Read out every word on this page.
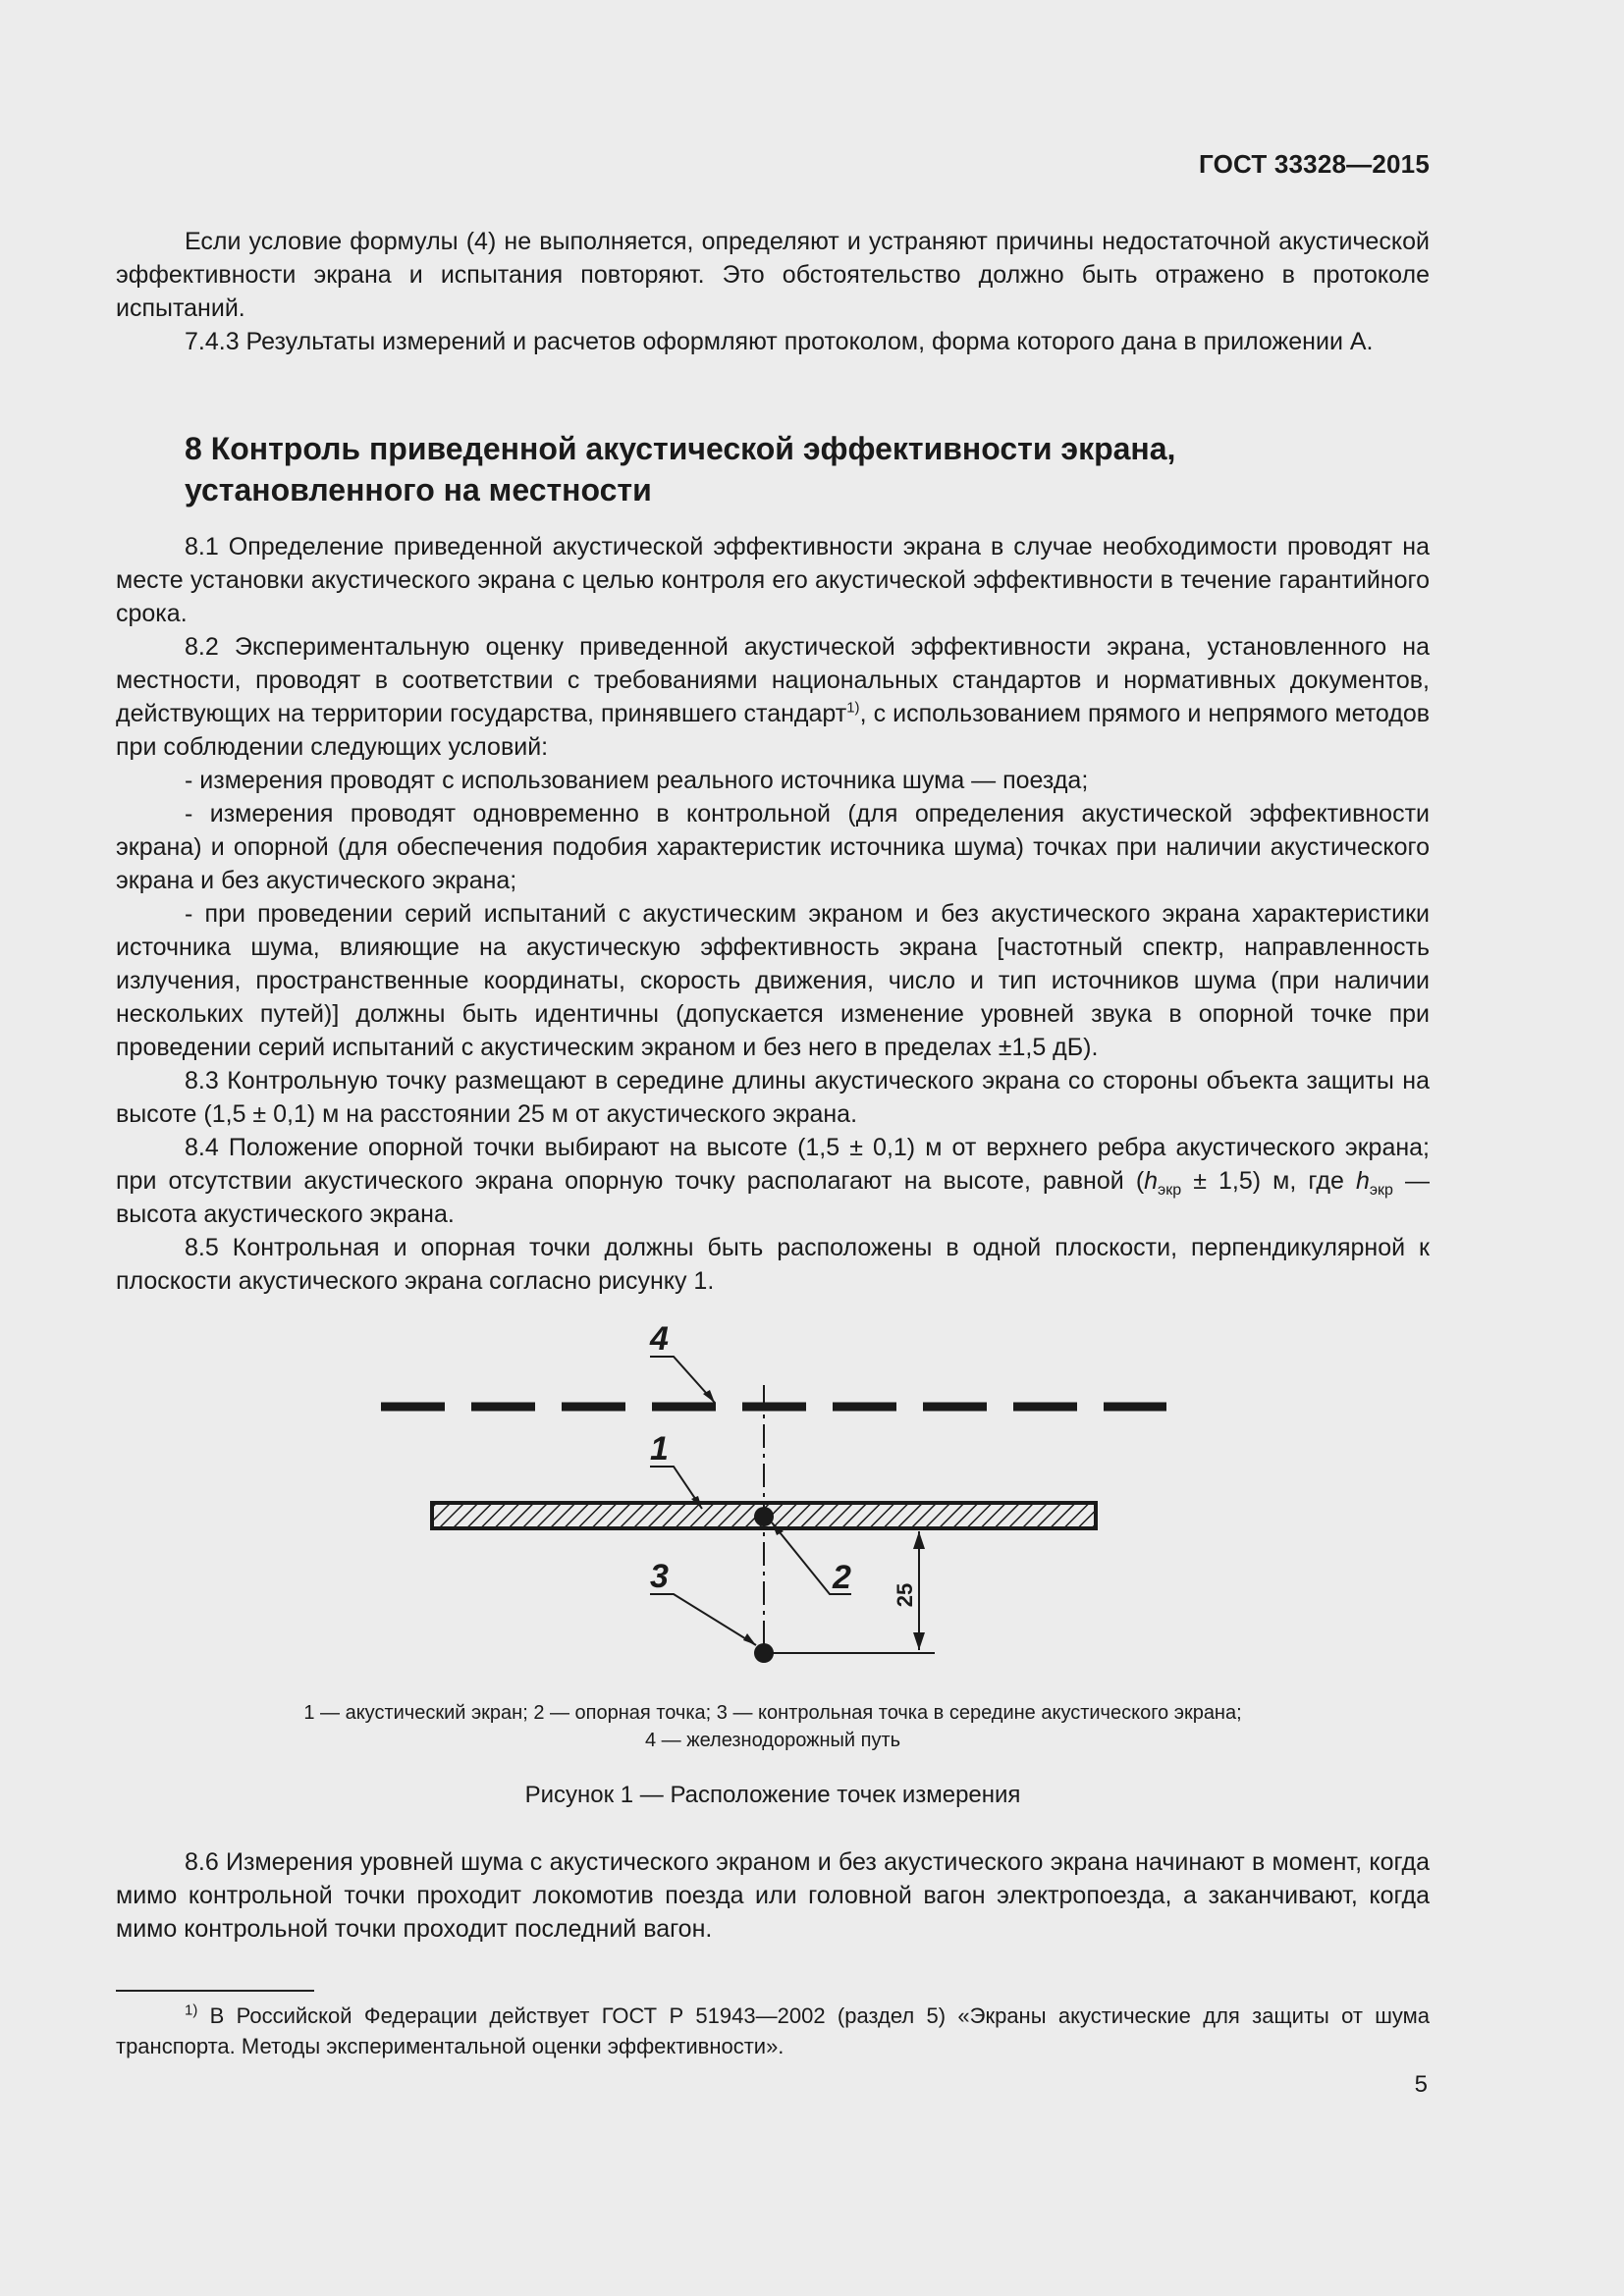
ГОСТ 33328—2015

Если условие формулы (4) не выполняется, определяют и устраняют причины недостаточной акустической эффективности экрана и испытания повторяют. Это обстоятельство должно быть отражено в протоколе испытаний.

7.4.3 Результаты измерений и расчетов оформляют протоколом, форма которого дана в приложении А.

8 Контроль приведенной акустической эффективности экрана, установленного на местности

8.1 Определение приведенной акустической эффективности экрана в случае необходимости проводят на месте установки акустического экрана с целью контроля его акустической эффективности в течение гарантийного срока.

8.2 Экспериментальную оценку приведенной акустической эффективности экрана, установленного на местности, проводят в соответствии с требованиями национальных стандартов и нормативных документов, действующих на территории государства, принявшего стандарт$^{1)}$, с использованием прямого и непрямого методов при соблюдении следующих условий:

- измерения проводят с использованием реального источника шума — поезда;

- измерения проводят одновременно в контрольной (для определения акустической эффективности экрана) и опорной (для обеспечения подобия характеристик источника шума) точках при наличии акустического экрана и без акустического экрана;

- при проведении серий испытаний с акустическим экраном и без акустического экрана характеристики источника шума, влияющие на акустическую эффективность экрана [частотный спектр, направленность излучения, пространственные координаты, скорость движения, число и тип источников шума (при наличии нескольких путей)] должны быть идентичны (допускается изменение уровней звука в опорной точке при проведении серий испытаний с акустическим экраном и без него в пределах ±1,5 дБ).

8.3 Контрольную точку размещают в середине длины акустического экрана со стороны объекта защиты на высоте (1,5 ± 0,1) м на расстоянии 25 м от акустического экрана.

8.4 Положение опорной точки выбирают на высоте (1,5 ± 0,1) м от верхнего ребра акустического экрана; при отсутствии акустического экрана опорную точку располагают на высоте, равной $(h_{экр} \pm 1,5)$ м, где $h_{экр}$ — высота акустического экрана.

8.5 Контрольная и опорная точки должны быть расположены в одной плоскости, перпендикулярной к плоскости акустического экрана согласно рисунку 1.

25
4
1
2
3
1 — акустический экран; 2 — опорная точка; 3 — контрольная точка в середине акустического экрана;
4 — железнодорожный путь
Рисунок 1 — Расположение точек измерения

8.6 Измерения уровней шума с акустического экраном и без акустического экрана начинают в момент, когда мимо контрольной точки проходит локомотив поезда или головной вагон электропоезда, а заканчивают, когда мимо контрольной точки проходит последний вагон.

$^{1)}$ В Российской Федерации действует ГОСТ Р 51943—2002 (раздел 5) «Экраны акустические для защиты от шума транспорта. Методы экспериментальной оценки эффективности».

5
